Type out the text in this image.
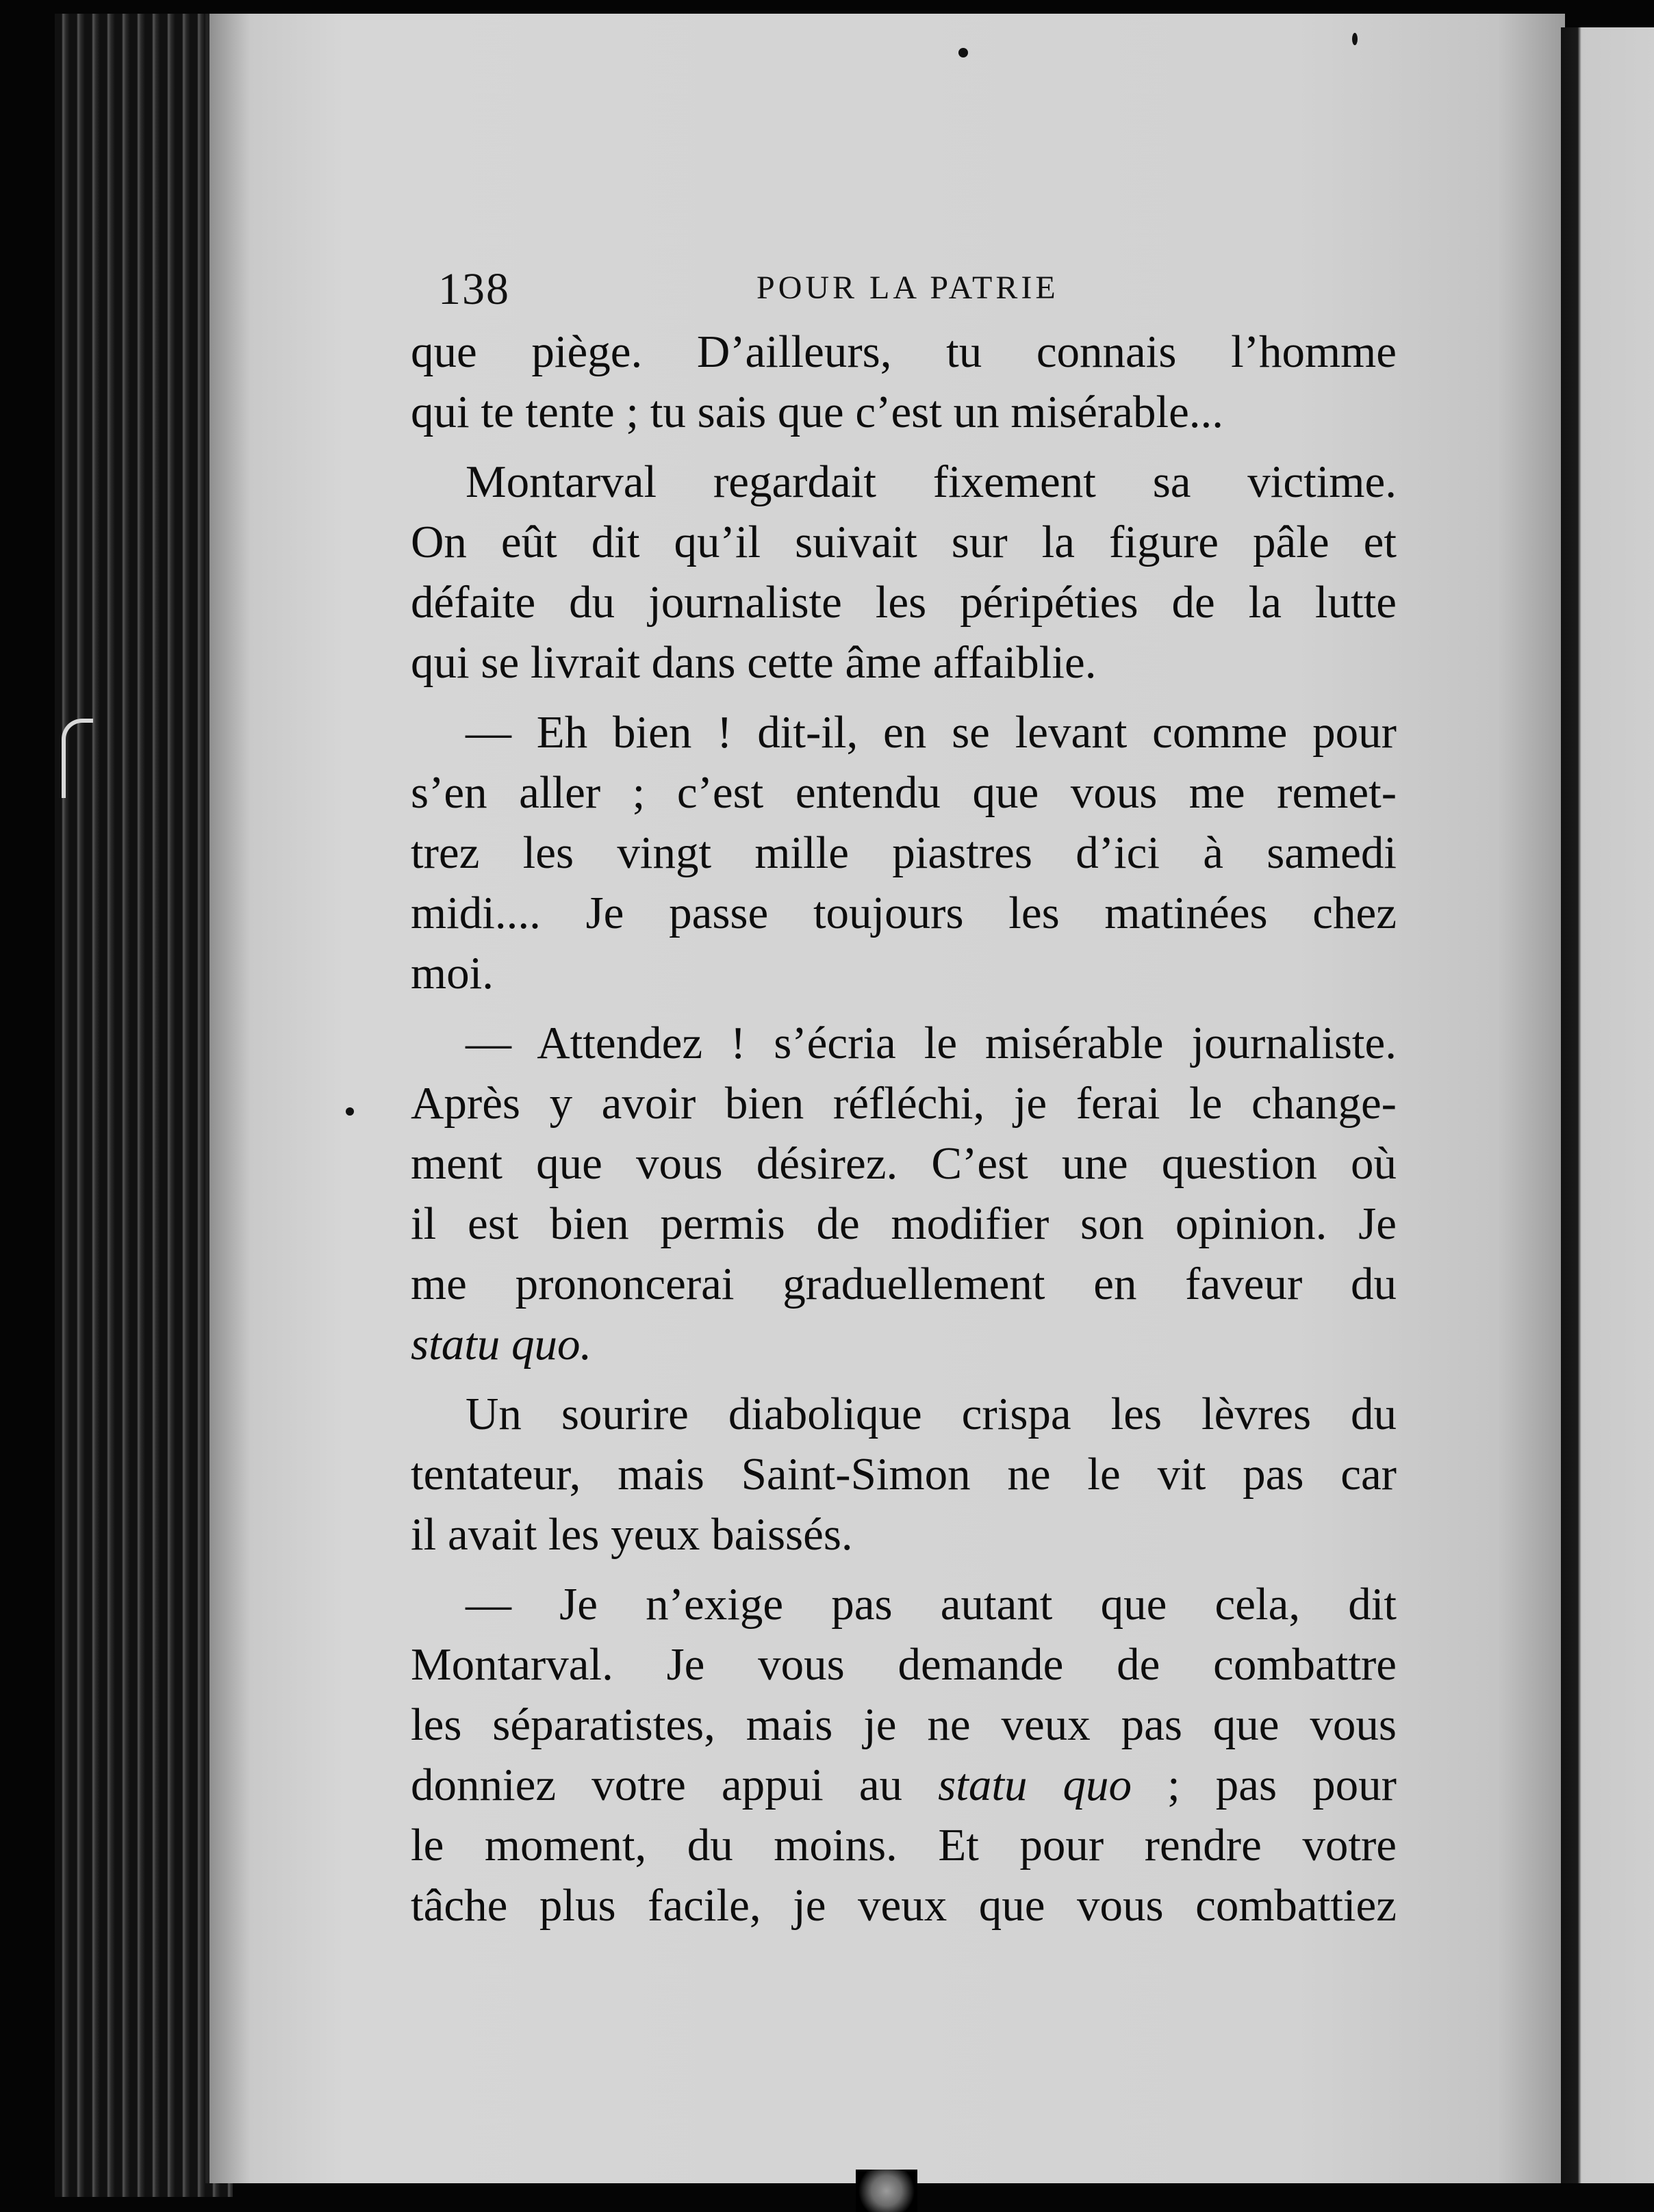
138	POUR LA PATRIE
que piège. D’ailleurs, tu connais l’homme
qui te tente ; tu sais que c’est un misérable...
Montarval regardait fixement sa victime.
On eût dit qu’il suivait sur la figure pâle et
défaite du journaliste les péripéties de la lutte
qui se livrait dans cette âme affaiblie.
— Eh bien ! dit-il, en se levant comme pour
s’en aller ; c’est entendu que vous me remet-
trez les vingt mille piastres d’ici à samedi
midi.... Je passe toujours les matinées chez
moi.
— Attendez ! s’écria le misérable journaliste.
Après y avoir bien réfléchi, je ferai le change-
ment que vous désirez. C’est une question où
il est bien permis de modifier son opinion. Je
me prononcerai graduellement en faveur du
statu quo.
Un sourire diabolique crispa les lèvres du
tentateur, mais Saint-Simon ne le vit pas car
il avait les yeux baissés.
— Je n’exige pas autant que cela, dit
Montarval. Je vous demande de combattre
les séparatistes, mais je ne veux pas que vous
donniez votre appui au statu quo ; pas pour
le moment, du moins. Et pour rendre votre
tâche plus facile, je veux que vous combattiez
